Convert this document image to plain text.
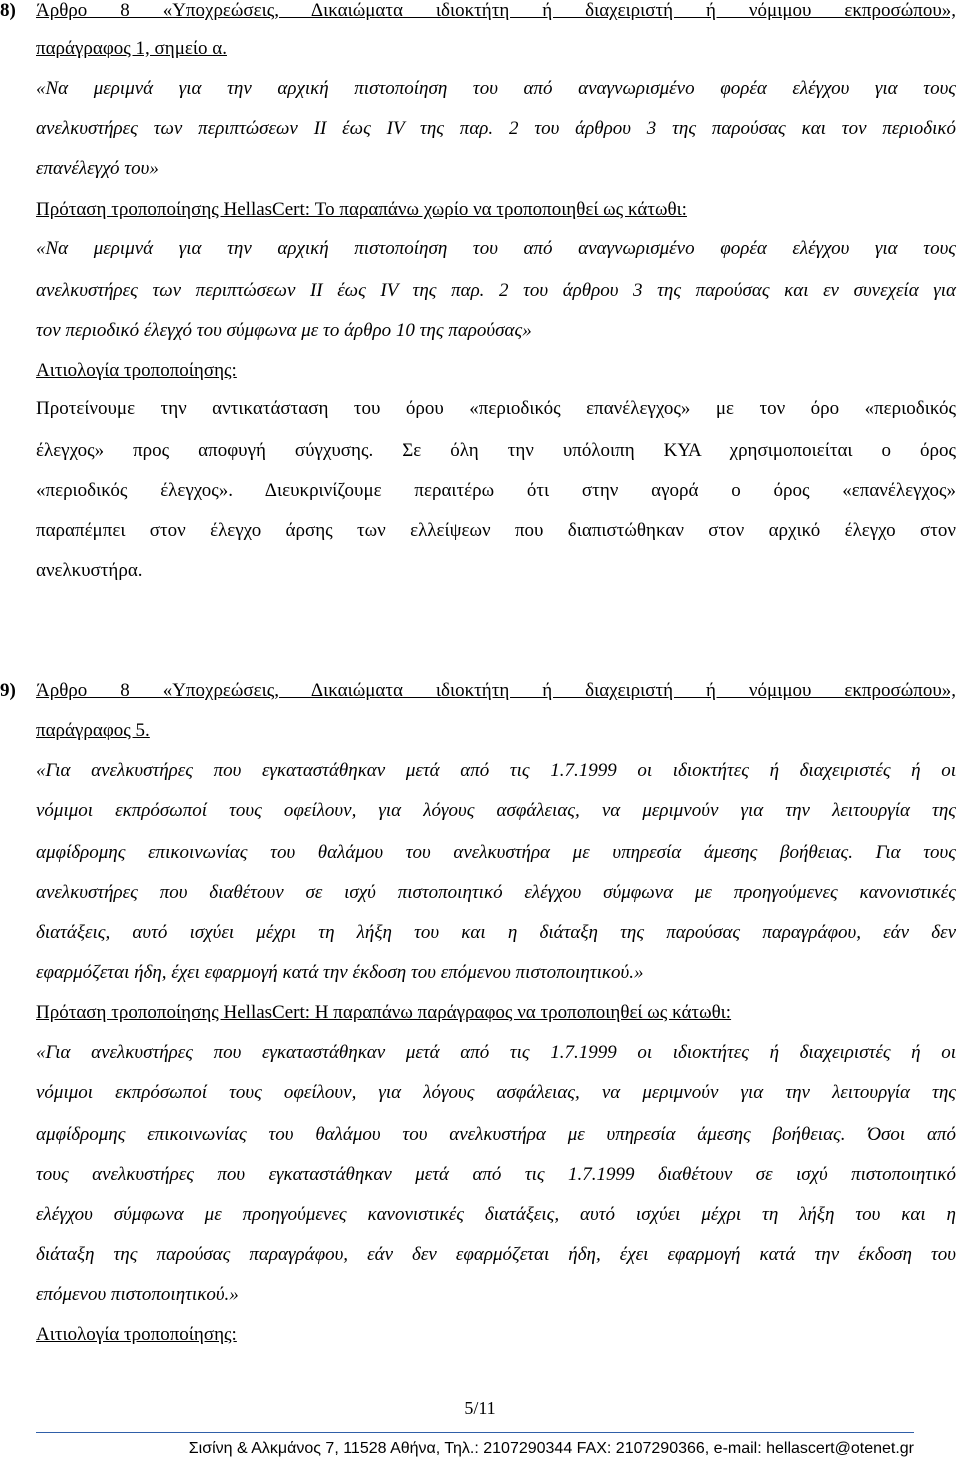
8) Άρθρο 8 «Υποχρεώσεις, Δικαιώματα ιδιοκτήτη ή διαχειριστή ή νόμιμου εκπροσώπου»,
παράγραφος 1, σημείο α.
«Να μεριμνά για την αρχική πιστοποίηση του από αναγνωρισμένο φορέα ελέγχου για τους
ανελκυστήρες των περιπτώσεων II έως IV της παρ. 2 του άρθρου 3 της παρούσας και τον περιοδικό
επανέλεγχό του»
Πρόταση τροποποίησης HellasCert: Το παραπάνω χωρίο να τροποποιηθεί ως κάτωθι:
«Να μεριμνά για την αρχική πιστοποίηση του από αναγνωρισμένο φορέα ελέγχου για τους
ανελκυστήρες των περιπτώσεων II έως IV της παρ. 2 του άρθρου 3 της παρούσας και εν συνεχεία για
τον περιοδικό έλεγχό του σύμφωνα με το άρθρο 10 της παρούσας»
Αιτιολογία τροποποίησης:
Προτείνουμε την αντικατάσταση του όρου «περιοδικός επανέλεγχος» με τον όρο «περιοδικός
έλεγχος» προς αποφυγή σύγχυσης. Σε όλη την υπόλοιπη ΚΥΑ χρησιμοποιείται ο όρος
«περιοδικός έλεγχος». Διευκρινίζουμε περαιτέρω ότι στην αγορά ο όρος «επανέλεγχος»
παραπέμπει στον έλεγχο άρσης των ελλείψεων που διαπιστώθηκαν στον αρχικό έλεγχο στον
ανελκυστήρα.
9) Άρθρο 8 «Υποχρεώσεις, Δικαιώματα ιδιοκτήτη ή διαχειριστή ή νόμιμου εκπροσώπου»,
παράγραφος 5.
«Για ανελκυστήρες που εγκαταστάθηκαν μετά από τις 1.7.1999 οι ιδιοκτήτες ή διαχειριστές ή οι
νόμιμοι εκπρόσωποί τους οφείλουν, για λόγους ασφάλειας, να μεριμνούν για την λειτουργία της
αμφίδρομης επικοινωνίας του θαλάμου του ανελκυστήρα με υπηρεσία άμεσης βοήθειας. Για τους
ανελκυστήρες που διαθέτουν σε ισχύ πιστοποιητικό ελέγχου σύμφωνα με προηγούμενες κανονιστικές
διατάξεις, αυτό ισχύει μέχρι τη λήξη του και η διάταξη της παρούσας παραγράφου, εάν δεν
εφαρμόζεται ήδη, έχει εφαρμογή κατά την έκδοση του επόμενου πιστοποιητικού.»
Πρόταση τροποποίησης HellasCert: Η παραπάνω παράγραφος να τροποποιηθεί ως κάτωθι:
«Για ανελκυστήρες που εγκαταστάθηκαν μετά από τις 1.7.1999 οι ιδιοκτήτες ή διαχειριστές ή οι
νόμιμοι εκπρόσωποί τους οφείλουν, για λόγους ασφάλειας, να μεριμνούν για την λειτουργία της
αμφίδρομης επικοινωνίας του θαλάμου του ανελκυστήρα με υπηρεσία άμεσης βοήθειας. Όσοι από
τους ανελκυστήρες που εγκαταστάθηκαν μετά από τις 1.7.1999 διαθέτουν σε ισχύ πιστοποιητικό
ελέγχου σύμφωνα με προηγούμενες κανονιστικές διατάξεις, αυτό ισχύει μέχρι τη λήξη του και η
διάταξη της παρούσας παραγράφου, εάν δεν εφαρμόζεται ήδη, έχει εφαρμογή κατά την έκδοση του
επόμενου πιστοποιητικού.»
Αιτιολογία τροποποίησης:
5/11
Σισίνη & Αλκμάνος 7, 11528 Αθήνα, Τηλ.: 2107290344 FAX: 2107290366, e-mail: hellascert@otenet.gr
